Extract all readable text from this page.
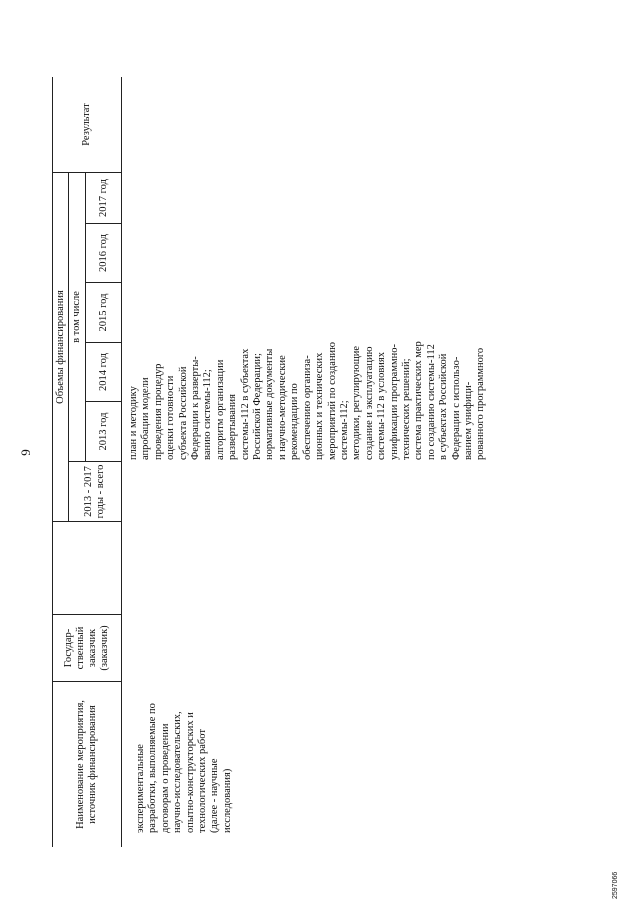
9
2597066
Наименование мероприятия, источник финансирования
Государ-ственный заказчик (заказчик)
Объемы финансирования
2013 - 2017 годы - всего
в том числе
2013 год
2014 год
2015 год
2016 год
2017 год
Результат
экспериментальные разработки, выполняемые по договорам о проведении научно-исследовательских, опытно-конструкторских и технологических работ (далее - научные исследования)
план и методику апробации модели проведения процедур оценки готовности субъекта Российской Федерации к разверты- ванию системы-112; алгоритм организации развертывания системы-112 в субъектах Российской Федерации; нормативные документы и научно-методические рекомендации по обеспечению организа- ционных и технических мероприятий по созданию системы-112; методики, регулирующие создание и эксплуатацию системы-112 в условиях унификации программно- технических решений; система практических мер по созданию системы-112 в субъектах Российской Федерации с использо- ванием унифици- рованного программного
